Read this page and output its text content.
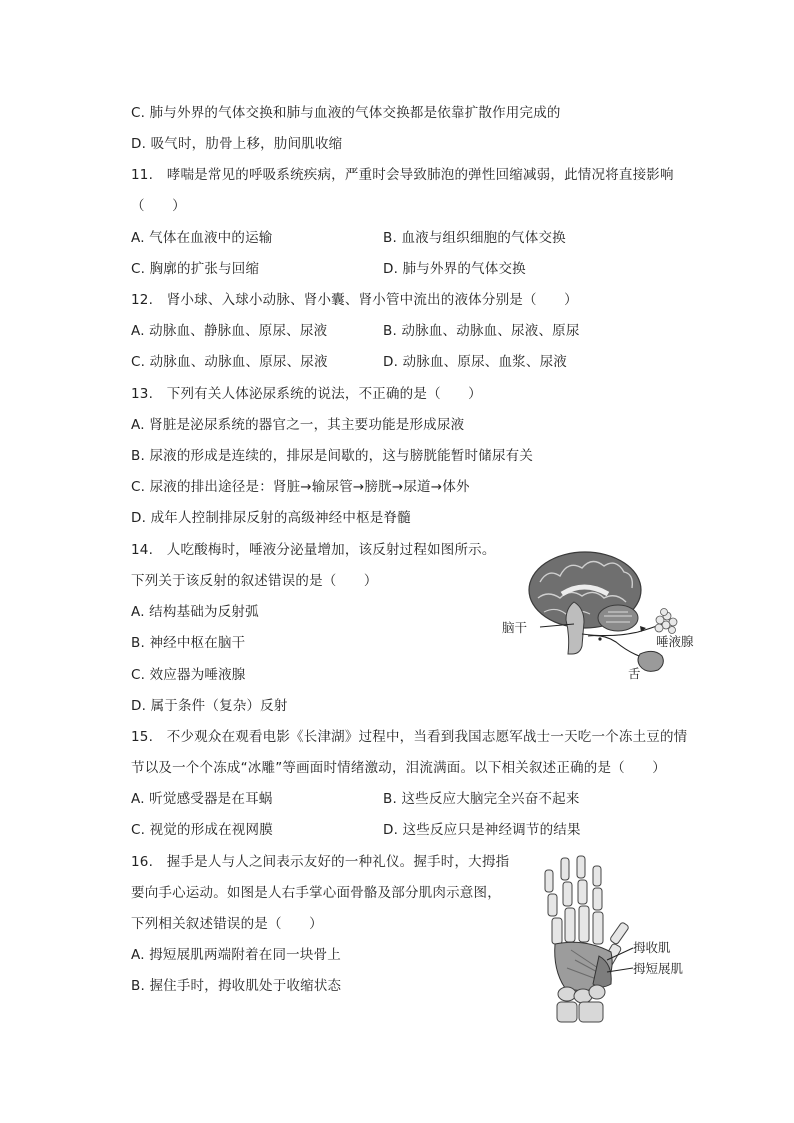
C. 肺与外界的气体交换和肺与血液的气体交换都是依靠扩散作用完成的
D. 吸气时，肋骨上移，肋间肌收缩
11.　哮喘是常见的呼吸系统疾病，严重时会导致肺泡的弹性回缩减弱，此情况将直接影响
（　　）
A. 气体在血液中的运输	B. 血液与组织细胞的气体交换
C. 胸廓的扩张与回缩	D. 肺与外界的气体交换
12.　肾小球、入球小动脉、肾小囊、肾小管中流出的液体分别是（　　）
A. 动脉血、静脉血、原尿、尿液	B. 动脉血、动脉血、尿液、原尿
C. 动脉血、动脉血、原尿、尿液	D. 动脉血、原尿、血浆、尿液
13.　下列有关人体泌尿系统的说法，不正确的是（　　）
A. 肾脏是泌尿系统的器官之一，其主要功能是形成尿液
B. 尿液的形成是连续的，排尿是间歇的，这与膀胱能暂时储尿有关
C. 尿液的排出途径是：肾脏→输尿管→膀胱→尿道→体外
D. 成年人控制排尿反射的高级神经中枢是脊髓
14.　人吃酸梅时，唾液分泌量增加，该反射过程如图所示。
下列关于该反射的叙述错误的是（　　）
A. 结构基础为反射弧
B. 神经中枢在脑干
C. 效应器为唾液腺
D. 属于条件（复杂）反射
脑干
唾液腺
舌
15.　不少观众在观看电影《长津湖》过程中，当看到我国志愿军战士一天吃一个冻土豆的情
节以及一个个冻成“冰雕”等画面时情绪激动，泪流满面。以下相关叙述正确的是（　　）
A. 听觉感受器是在耳蜗	B. 这些反应大脑完全兴奋不起来
C. 视觉的形成在视网膜	D. 这些反应只是神经调节的结果
16.　握手是人与人之间表示友好的一种礼仪。握手时，大拇指
要向手心运动。如图是人右手掌心面骨骼及部分肌肉示意图，
下列相关叙述错误的是（　　）
A. 拇短展肌两端附着在同一块骨上
B. 握住手时，拇收肌处于收缩状态
拇收肌
拇短展肌
